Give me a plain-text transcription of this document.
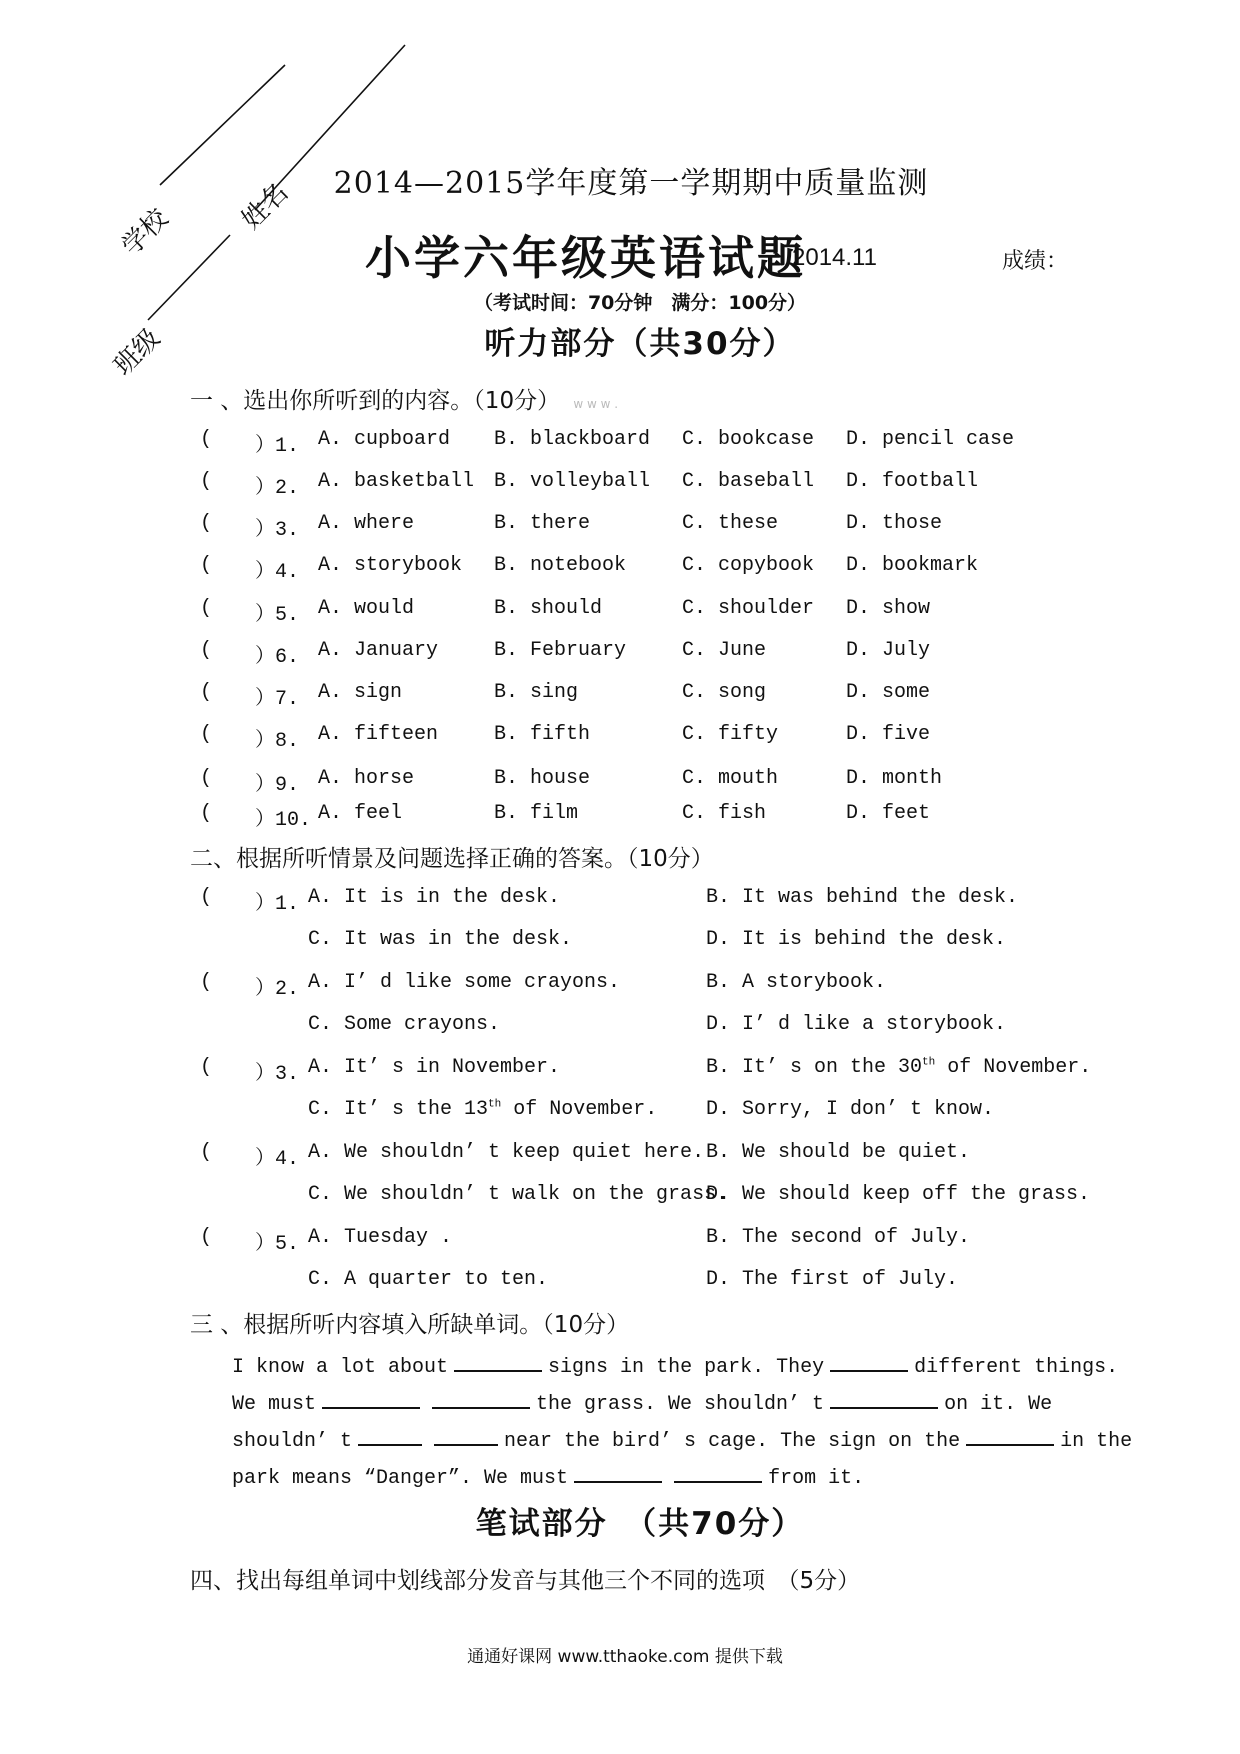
学校 姓名
班级
2014—2015学年度第一学期期中质量监测
小学六年级英语试题
2014.11	成绩：
（考试时间：70分钟　满分：100分）
听力部分（共30分）
一 、选出你所听到的内容。（10分） w w w .
( ）1. A. cupboard B. blackboard C. bookcase D. pencil case
( ）2. A. basketball B. volleyball C. baseball D. football
( ）3. A. where	B. there	C. these	D. those
( ）4. A. storybook B. notebook	C. copybook D. bookmark
( ）5. A. would	B. should	C. shoulder D. show
( ）6. A. January	B. February	C. June	D. July
( ）7. A. sign	B. sing	C. song	D. some
( ）8. A. fifteen	B. fifth	C. fifty	D. five
( ）9. A. horse	B. house	C. mouth	D. month
( ）10. A. feel	B. film	C. fish	D. feet
二、根据所听情景及问题选择正确的答案。（10分）
( ）1. A. It is in the desk.	B. It was behind the desk.
C. It was in the desk.	D. It is behind the desk.
( ）2. A. I’ d like some crayons.	B. A storybook.
C. Some crayons.	D. I’ d like a storybook.
( ）3. A. It’ s in November.	B. It’ s on the 30th of November.
C. It’ s the 13th of November. D. Sorry, I don’ t know.
( ）4. A. We shouldn’ t keep quiet here. B. We should be quiet.
C. We shouldn’ t walk on the grass.
D. We should keep off the grass.
( ）5. A. Tuesday .	B. The second of July.
C. A quarter to ten.	D. The first of July.
三 、根据所听内容填入所缺单词。（10分）
I know a lot about	signs in the park. They	different things.
We must	the grass. We shouldn’ t	on it. We
shouldn’ t	near the bird’ s cage. The sign on the	in the
park means “Danger”. We must	from it.
笔试部分　（共70分）
四、找出每组单词中划线部分发音与其他三个不同的选项　（5分）
通通好课网 www.tthaoke.com 提供下载
